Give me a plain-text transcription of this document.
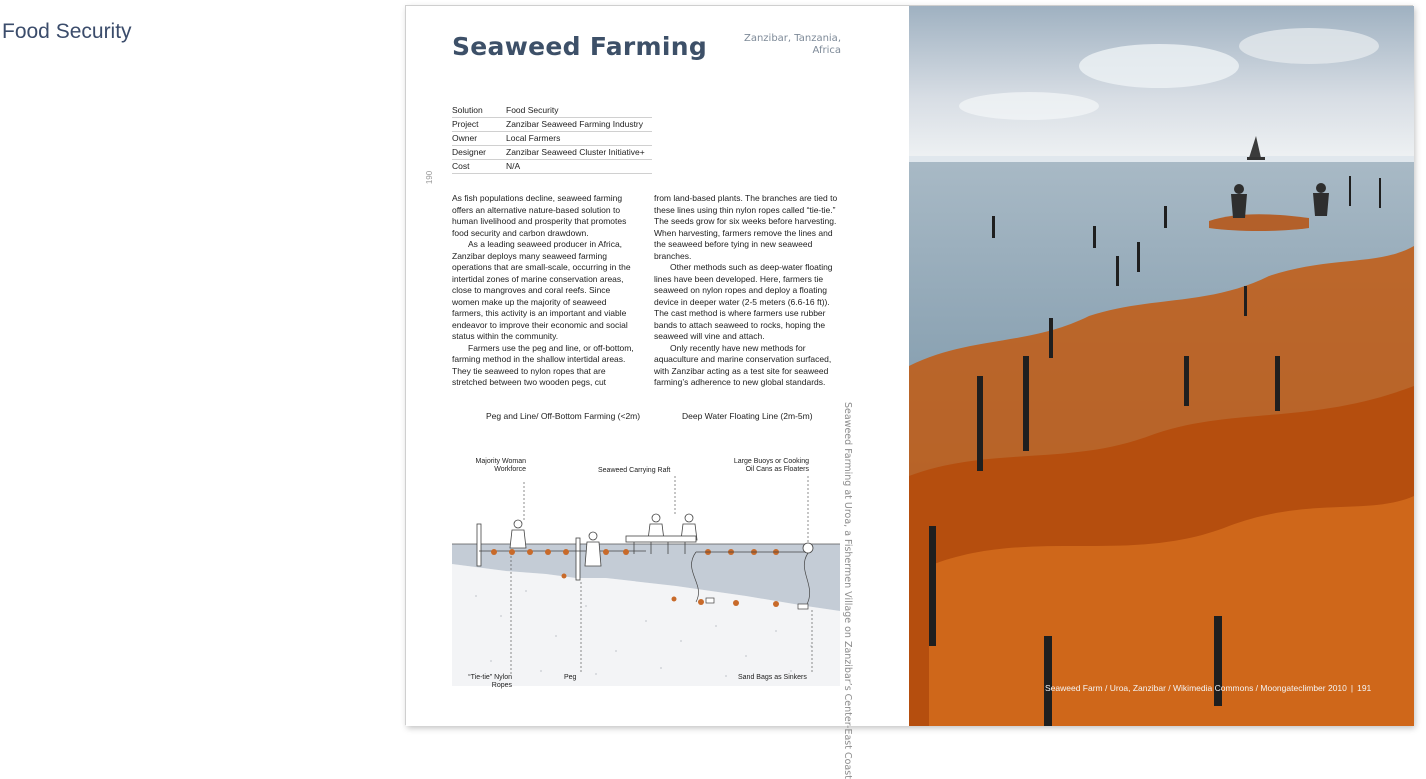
Food Security
Seaweed Farming	Zanzibar, Tanzania, Africa
Solution	Food Security
Project	Zanzibar Seaweed Farming Industry
Owner	Local Farmers
Designer	Zanzibar Seaweed Cluster Initiative+
Cost	N/A
190

As fish populations decline, seaweed farming offers an alternative nature-based solution to human livelihood and prosperity that promotes food security and carbon drawdown.

As a leading seaweed producer in Africa, Zanzibar deploys many seaweed farming operations that are small-scale, occurring in the intertidal zones of marine conservation areas, close to mangroves and coral reefs. Since women make up the majority of seaweed farmers, this activity is an important and viable endeavor to improve their economic and social status within the community.

Farmers use the peg and line, or off-bottom, farming method in the shallow intertidal areas. They tie seaweed to nylon ropes that are stretched between two wooden pegs, cut

from land-based plants. The branches are tied to these lines using thin nylon ropes called “tie-tie.” The seeds grow for six weeks before harvesting. When harvesting, farmers remove the lines and the seaweed before tying in new seaweed branches.

Other methods such as deep-water floating lines have been developed. Here, farmers tie seaweed on nylon ropes and deploy a floating device in deeper water (2-5 meters (6.6-16 ft)). The cast method is where farmers use rubber bands to attach seaweed to rocks, hoping the seaweed will vine and attach.

Only recently have new methods for aquaculture and marine conservation surfaced, with Zanzibar acting as a test site for seaweed farming’s adherence to new global standards.

Peg and Line/ Off-Bottom Farming (<2m)	Deep Water Floating Line (2m-5m)
Majority Woman
Workforce	Seaweed Carrying Raft
Large Buoys or Cooking
Oil Cans as Floaters
“Tie-tie” Nylon
Ropes
Peg	Sand Bags as Sinkers	Seaweed Farming at Uroa, a Fishermen Village on Zanzibar’s Center-East Coast	Seaweed Farm / Uroa, Zanzibar / Wikimedia Commons / Moongateclimber 2010 | 191
